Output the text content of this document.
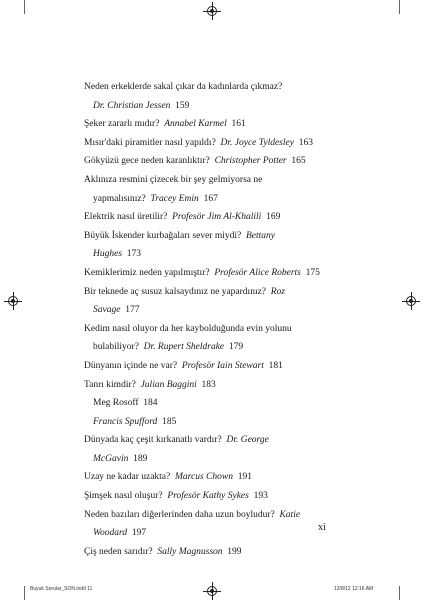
Neden erkeklerde sakal çıkar da kadınlarda çıkmaz?
Dr. Christian Jessen 159
Şeker zararlı mıdır? Annabel Karmel 161
Mısır'daki piramitler nasıl yapıldı? Dr. Joyce Tyldesley 163
Gökyüzü gece neden karanlıktır? Christopher Potter 165
Aklınıza resmini çizecek bir şey gelmiyorsa ne
yapmalısınız? Tracey Emin 167
Elektrik nasıl üretilir? Profesör Jim Al-Khalili 169
Büyük İskender kurbağaları sever miydi? Bettany
Hughes 173
Kemiklerimiz neden yapılmıştır? Profesör Alice Roberts 175
Bir teknede aç susuz kalsaydınız ne yapardınız? Roz
Savage 177
Kedim nasıl oluyor da her kaybolduğunda evin yolunu
bulabiliyor? Dr. Rupert Sheldrake 179
Dünyanın içinde ne var? Profesör Iain Stewart 181
Tanrı kimdir? Julian Baggini 183
Meg Rosoff 184
Francis Spufford 185
Dünyada kaç çeşit kırkanatlı vardır? Dr. George
McGavin 189
Uzay ne kadar uzakta? Marcus Chown 191
Şimşek nasıl oluşur? Profesör Kathy Sykes 193
Neden bazıları diğerlerinden daha uzun boyludur? Katie
Woodard 197
Çiş neden sarıdır? Sally Magnusson 199
xi
Buyuk Sorular_SON.indd 11	12/8/12 12:16 AM
